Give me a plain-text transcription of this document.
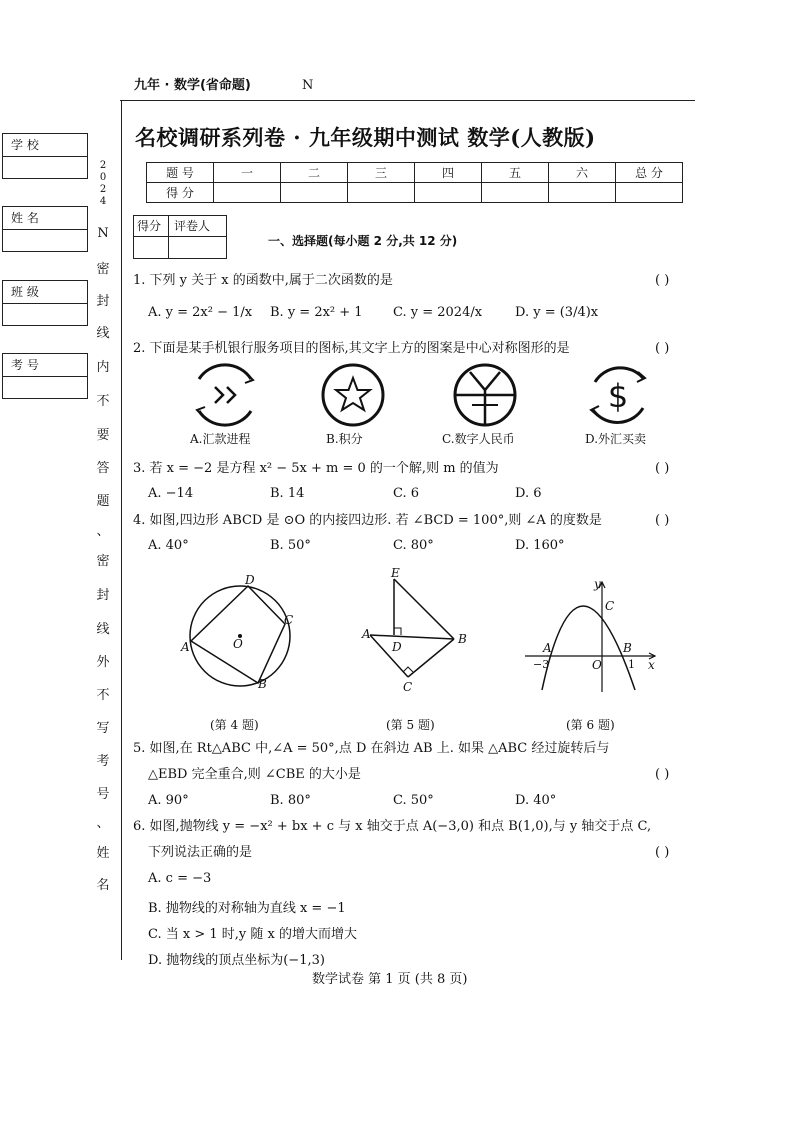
九年 · 数学(省命题)	N
学 校
姓 名
班 级
考 号
2
0
2
4
N
密
封
线
内
不
要
答
题
、
密
封
线
外
不
写
考
号
、
姓
名
名校调研系列卷 · 九年级期中测试 数学(人教版)
题 号	一	二	三	四	五	六	总 分
得 分							
得分 评卷人
一、选择题(每小题 2 分,共 12 分)
1. 下列 y 关于 x 的函数中,属于二次函数的是	( )
A. y = 2x² − 1/x B. y = 2x² + 1 C. y = 2024/x	D. y = (3/4)x
2. 下面是某手机银行服务项目的图标,其文字上方的图案是中心对称图形的是	( )
$
A.汇款进程	B.积分	C.数字人民币	D.外汇买卖
3. 若 x = −2 是方程 x² − 5x + m = 0 的一个解,则 m 的值为	( )
A. −14	B. 14	C. 6	D. 6
4. 如图,四边形 ABCD 是 ⊙O 的内接四边形. 若 ∠BCD = 100°,则 ∠A 的度数是	( )
A. 40°	B. 50°	C. 80°	D. 160°
D
C
B
A	O
E
A
D
B
C
y
x
C
A	B
O
−3	1
(第 4 题)	(第 5 题)	(第 6 题)
5. 如图,在 Rt△ABC 中,∠A = 50°,点 D 在斜边 AB 上. 如果 △ABC 经过旋转后与
△EBD 完全重合,则 ∠CBE 的大小是	( )
A. 90°	B. 80°	C. 50°	D. 40°
6. 如图,抛物线 y = −x² + bx + c 与 x 轴交于点 A(−3,0) 和点 B(1,0),与 y 轴交于点 C,
下列说法正确的是	( )
A. c = −3
B. 抛物线的对称轴为直线 x = −1
C. 当 x > 1 时,y 随 x 的增大而增大
D. 抛物线的顶点坐标为(−1,3)
数学试卷 第 1 页 (共 8 页)
